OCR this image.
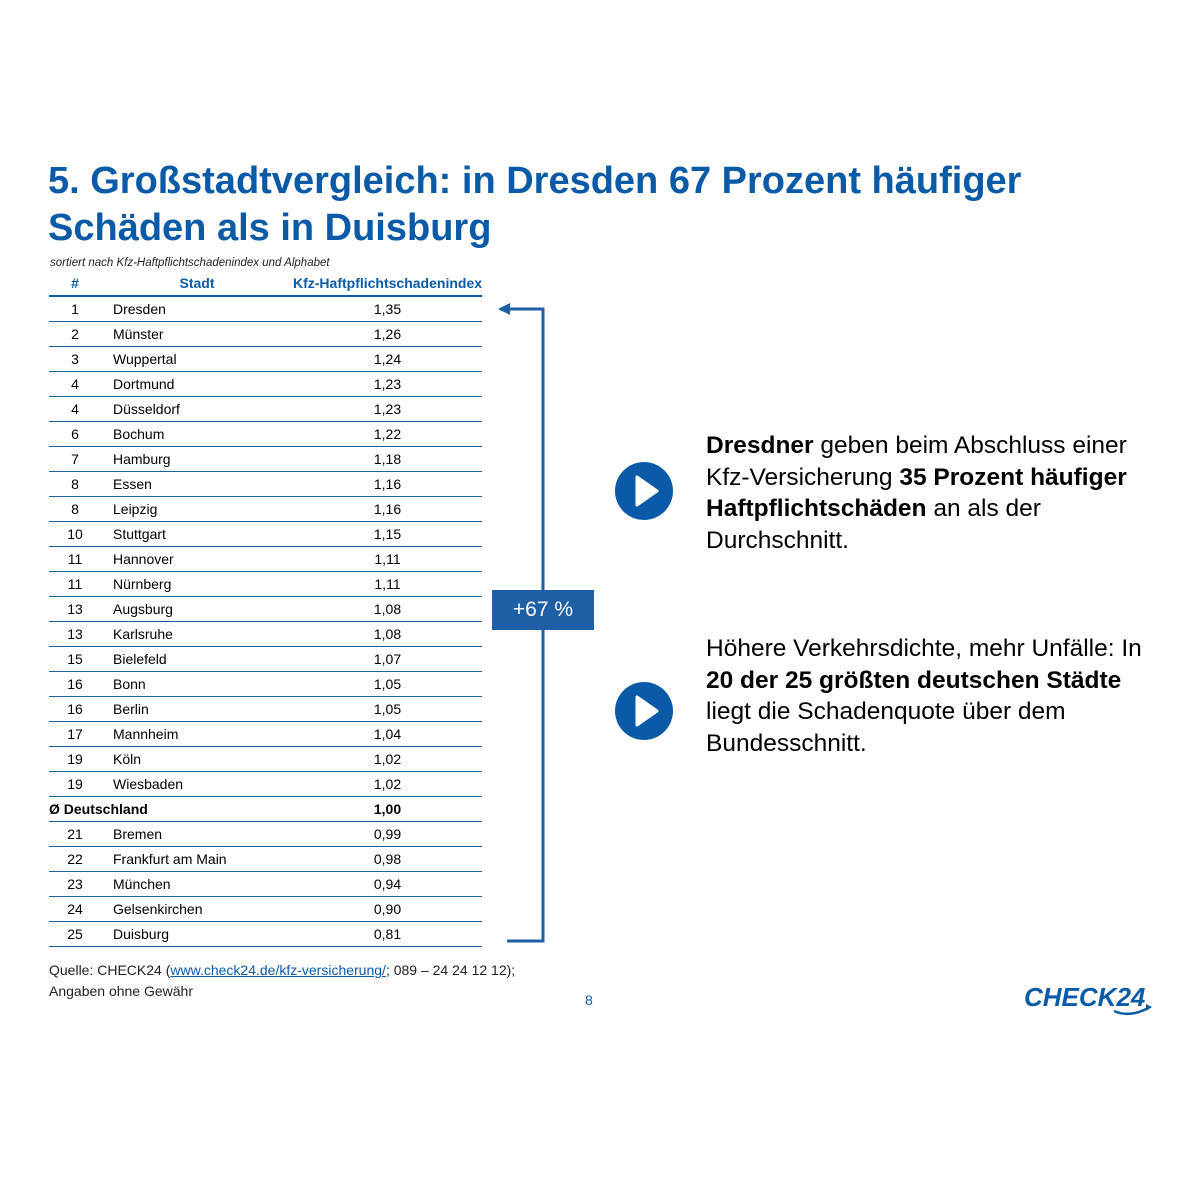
5. Großstadtvergleich: in Dresden 67 Prozent häufiger
Schäden als in Duisburg
sortiert nach Kfz-Haftpflichtschadenindex und Alphabet
#	Stadt	Kfz-Haftpflichtschadenindex
1	Dresden	1,35
2	Münster	1,26
3	Wuppertal	1,24
4	Dortmund	1,23
4	Düsseldorf	1,23
6	Bochum	1,22
7	Hamburg	1,18
8	Essen	1,16
8	Leipzig	1,16
10	Stuttgart	1,15
11	Hannover	1,11
11	Nürnberg	1,11
13	Augsburg	1,08
13	Karlsruhe	1,08
15	Bielefeld	1,07
16	Bonn	1,05
16	Berlin	1,05
17	Mannheim	1,04
19	Köln	1,02
19	Wiesbaden	1,02
Ø Deutschland		1,00
21	Bremen	0,99
22	Frankfurt am Main	0,98
23	München	0,94
24	Gelsenkirchen	0,90
25	Duisburg	0,81
+67 %
Dresdner geben beim Abschluss einer Kfz-Versicherung 35 Prozent häufiger Haftpflichtschäden an als der Durchschnitt.
Höhere Verkehrsdichte, mehr Unfälle: In 20 der 25 größten deutschen Städte liegt die Schadenquote über dem Bundesschnitt.
Quelle: CHECK24 (www.check24.de/kfz-versicherung/; 089 – 24 24 12 12); Angaben ohne Gewähr
8	CHECK24
